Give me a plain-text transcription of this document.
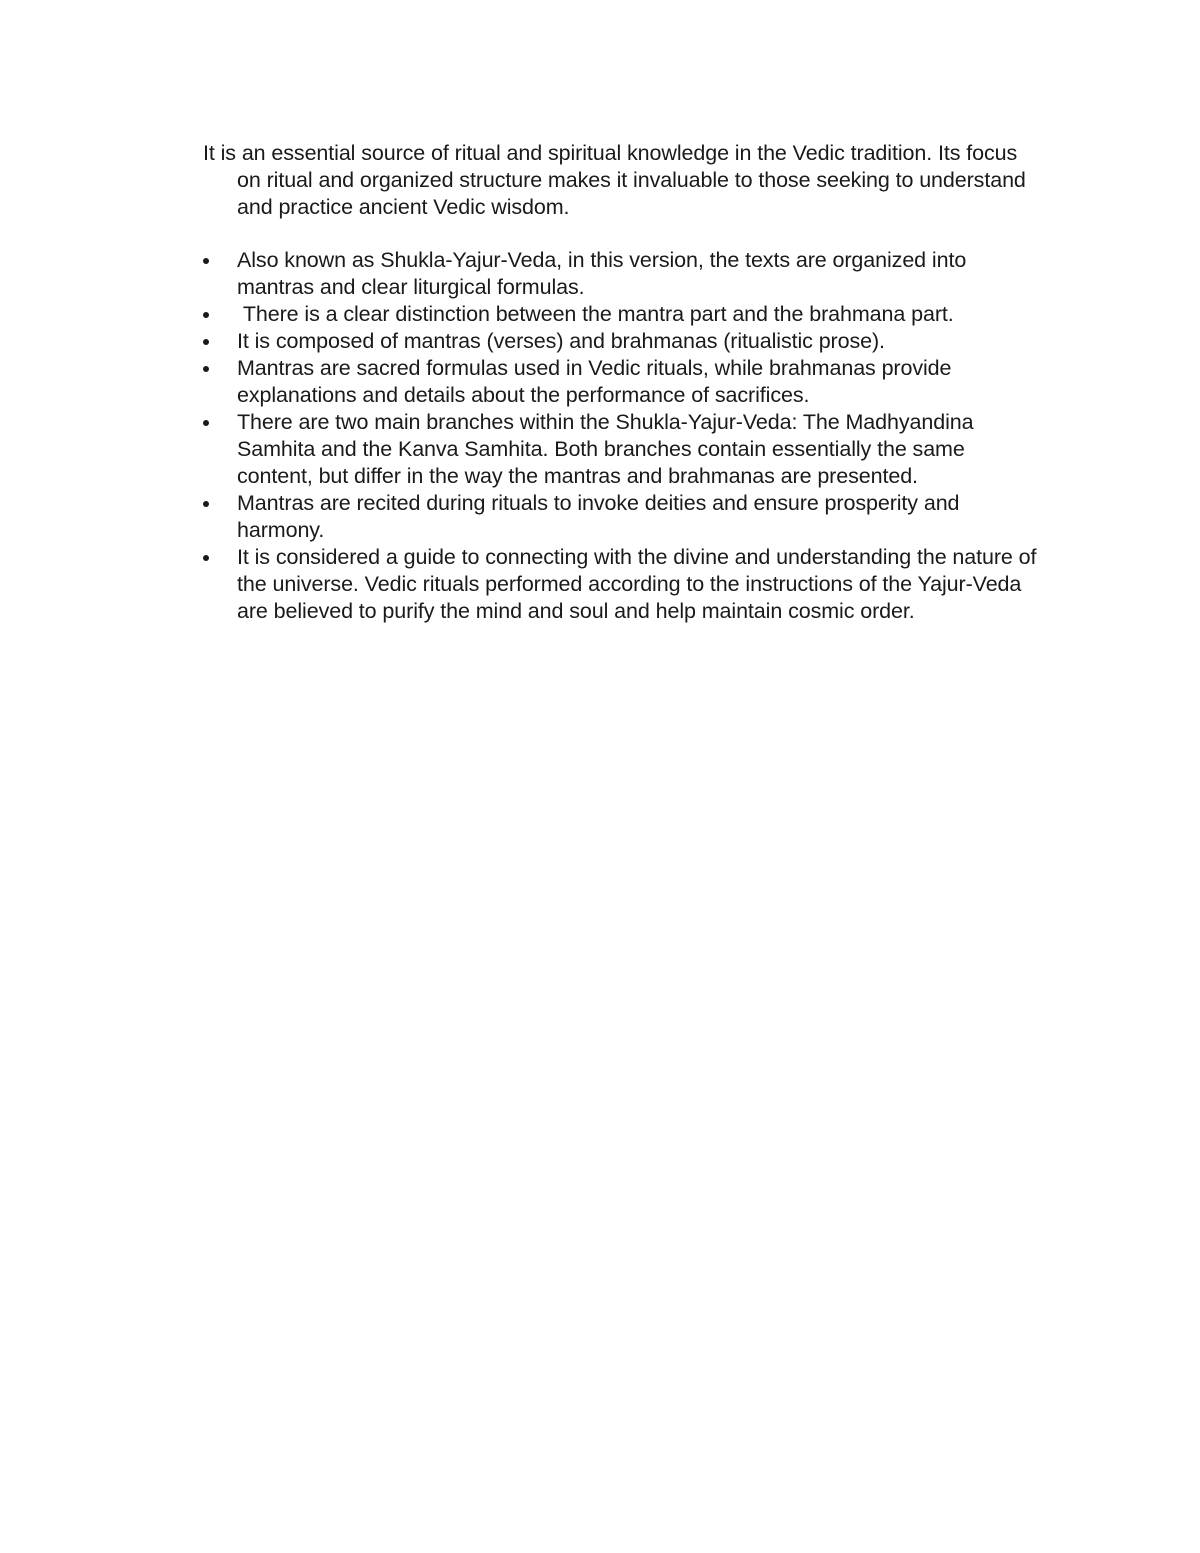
It is an essential source of ritual and spiritual knowledge in the Vedic tradition. Its focus on ritual and organized structure makes it invaluable to those seeking to understand and practice ancient Vedic wisdom.

Also known as Shukla-Yajur-Veda, in this version, the texts are organized into mantras and clear liturgical formulas.
There is a clear distinction between the mantra part and the brahmana part.
It is composed of mantras (verses) and brahmanas (ritualistic prose).
Mantras are sacred formulas used in Vedic rituals, while brahmanas provide explanations and details about the performance of sacrifices.
There are two main branches within the Shukla-Yajur-Veda: The Madhyandina Samhita and the Kanva Samhita. Both branches contain essentially the same content, but differ in the way the mantras and brahmanas are presented.
Mantras are recited during rituals to invoke deities and ensure prosperity and harmony.
It is considered a guide to connecting with the divine and understanding the nature of the universe. Vedic rituals performed according to the instructions of the Yajur-Veda are believed to purify the mind and soul and help maintain cosmic order.
